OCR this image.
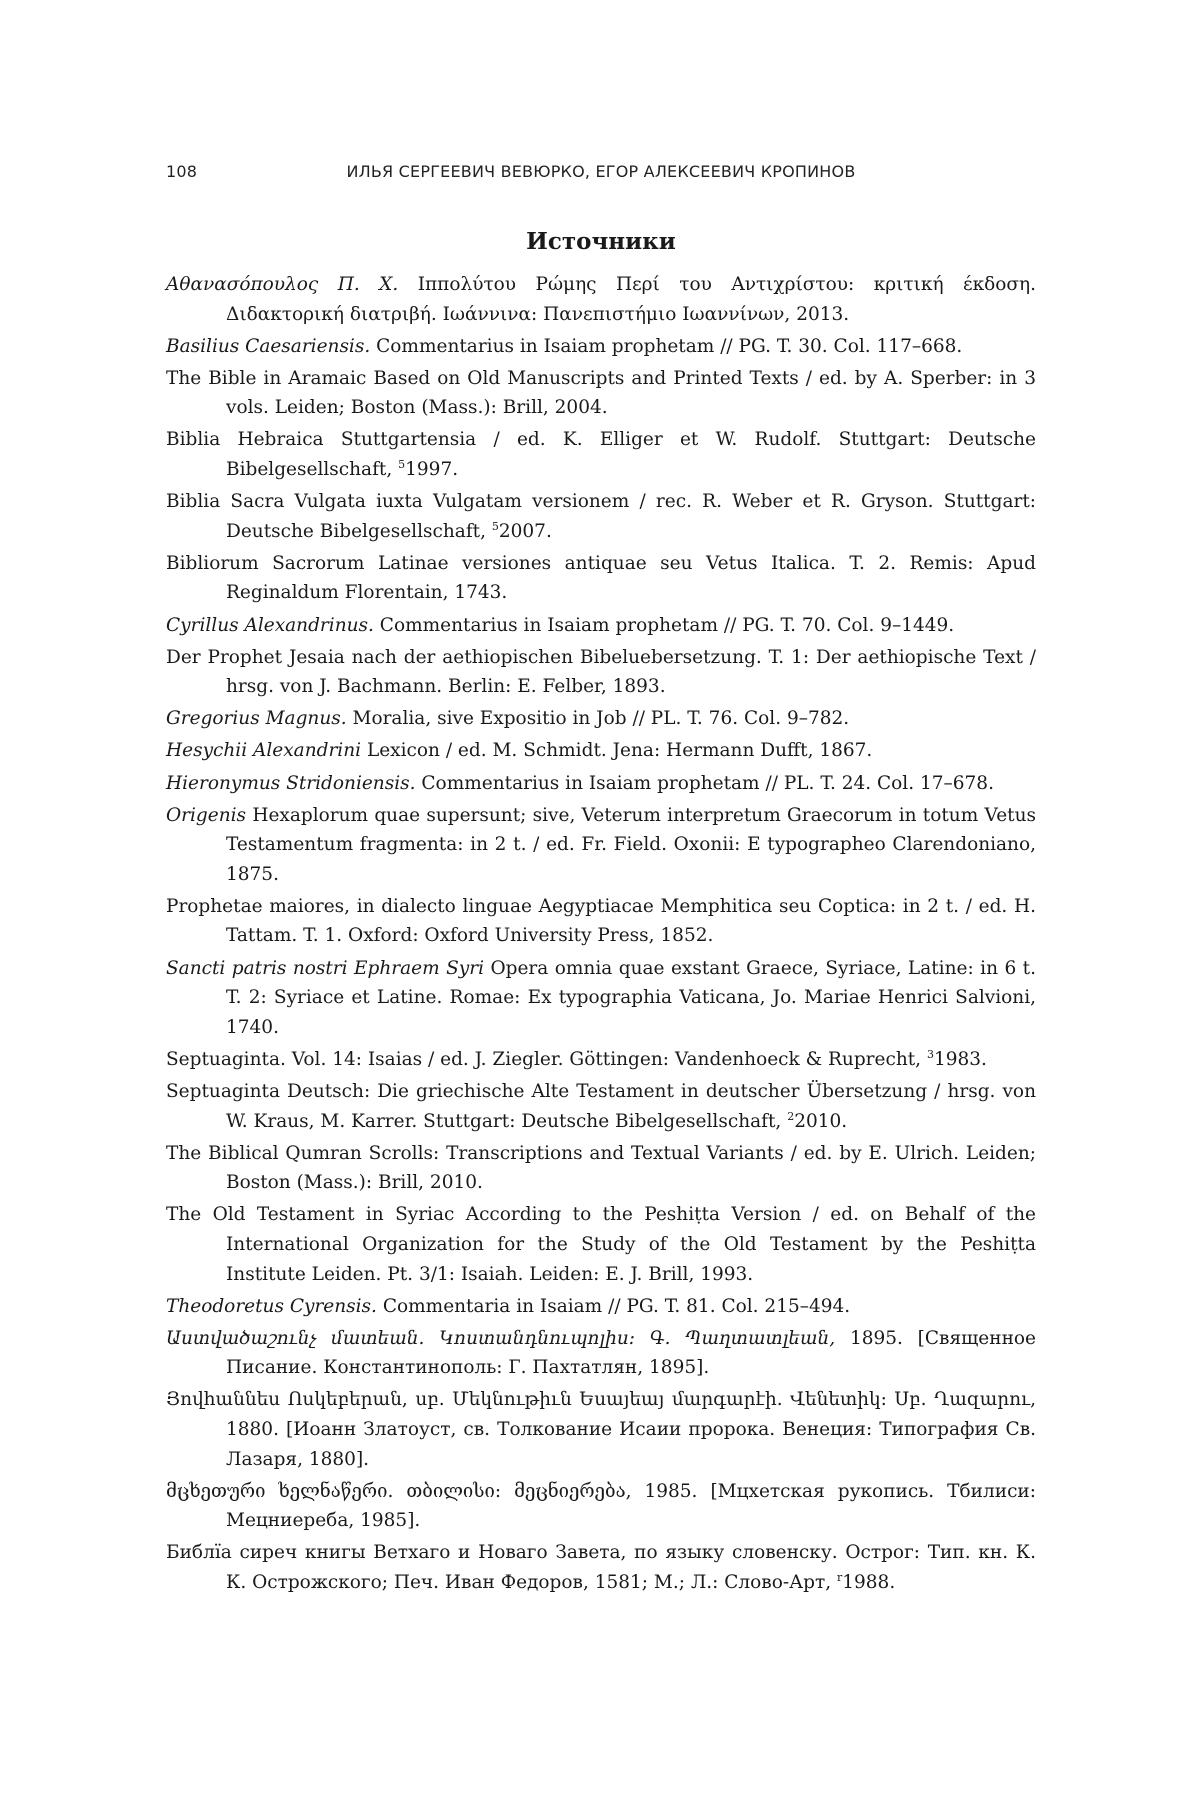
108	ИЛЬЯ СЕРГЕЕВИЧ ВЕВЮРКО, ЕГОР АЛЕКСЕЕВИЧ КРОПИНОВ
Источники
Αθανασόπουλος Π. Χ. Ιππολύτου Ρώμης Περί του Αντιχρίστου: κριτική έκδοση. Διδακτορική διατριβή. Ιωάννινα: Πανεπιστήμιο Ιωαννίνων, 2013.
Basilius Caesariensis. Commentarius in Isaiam prophetam // PG. T. 30. Col. 117–668.
The Bible in Aramaic Based on Old Manuscripts and Printed Texts / ed. by A. Sperber: in 3 vols. Leiden; Boston (Mass.): Brill, 2004.
Biblia Hebraica Stuttgartensia / ed. K. Elliger et W. Rudolf. Stuttgart: Deutsche Bibelgesellschaft, $^5$1997.
Biblia Sacra Vulgata iuxta Vulgatam versionem / rec. R. Weber et R. Gryson. Stuttgart: Deutsche Bibelgesellschaft, $^5$2007.
Bibliorum Sacrorum Latinae versiones antiquae seu Vetus Italica. T. 2. Remis: Apud Reginaldum Florentain, 1743.
Cyrillus Alexandrinus. Commentarius in Isaiam prophetam // PG. T. 70. Col. 9–1449.
Der Prophet Jesaia nach der aethiopischen Bibeluebersetzung. T. 1: Der aethiopische Text / hrsg. von J. Bachmann. Berlin: E. Felber, 1893.
Gregorius Magnus. Moralia, sive Expositio in Job // PL. T. 76. Col. 9–782.
Hesychii Alexandrini Lexicon / ed. M. Schmidt. Jena: Hermann Dufft, 1867.
Hieronymus Stridoniensis. Commentarius in Isaiam prophetam // PL. T. 24. Col. 17–678.
Origenis Hexaplorum quae supersunt; sive, Veterum interpretum Graecorum in totum Vetus Testamentum fragmenta: in 2 t. / ed. Fr. Field. Oxonii: E typographeo Clarendoniano, 1875.
Prophetae maiores, in dialecto linguae Aegyptiacae Memphitica seu Coptica: in 2 t. / ed. H. Tattam. T. 1. Oxford: Oxford University Press, 1852.
Sancti patris nostri Ephraem Syri Opera omnia quae exstant Graece, Syriace, Latine: in 6 t. T. 2: Syriace et Latine. Romae: Ex typographia Vaticana, Jo. Mariae Henrici Salvioni, 1740.
Septuaginta. Vol. 14: Isaias / ed. J. Ziegler. Göttingen: Vandenhoeck & Ruprecht, $^3$1983.
Septuaginta Deutsch: Die griechische Alte Testament in deutscher Übersetzung / hrsg. von W. Kraus, M. Karrer. Stuttgart: Deutsche Bibelgesellschaft, $^2$2010.
The Biblical Qumran Scrolls: Transcriptions and Textual Variants / ed. by E. Ulrich. Leiden; Boston (Mass.): Brill, 2010.
The Old Testament in Syriac According to the Peshiṭta Version / ed. on Behalf of the International Organization for the Study of the Old Testament by the Peshiṭta Institute Leiden. Pt. 3/1: Isaiah. Leiden: E. J. Brill, 1993.
Theodoretus Cyrensis. Commentaria in Isaiam // PG. T. 81. Col. 215–494.
Աստվածաշունչ մատեան. Կոստանդնուպոլիս: Գ. Պաղտատլեան, 1895. [Священное Писание. Константинополь: Г. Пахтатлян, 1895].
Յովհաննես Ոսկեբերան, սբ. Մեկնութիւն Եսայեայ մարգարէի. Վենետիկ: Սբ. Ղազարու, 1880. [Иоанн Златоуст, св. Толкование Исаии пророка. Венеция: Типография Св. Лазаря, 1880].
მცხეთური ხელნაწერი. თბილისი: მეცნიერება, 1985. [Мцхетская рукопись. Тбилиси: Мецниереба, 1985].
Библїа сиреч книгы Ветхаго и Новаго Завета, по языку словенску. Острог: Тип. кн. К. К. Острожского; Печ. Иван Федоров, 1581; М.; Л.: Слово-Арт, $^r$1988.
